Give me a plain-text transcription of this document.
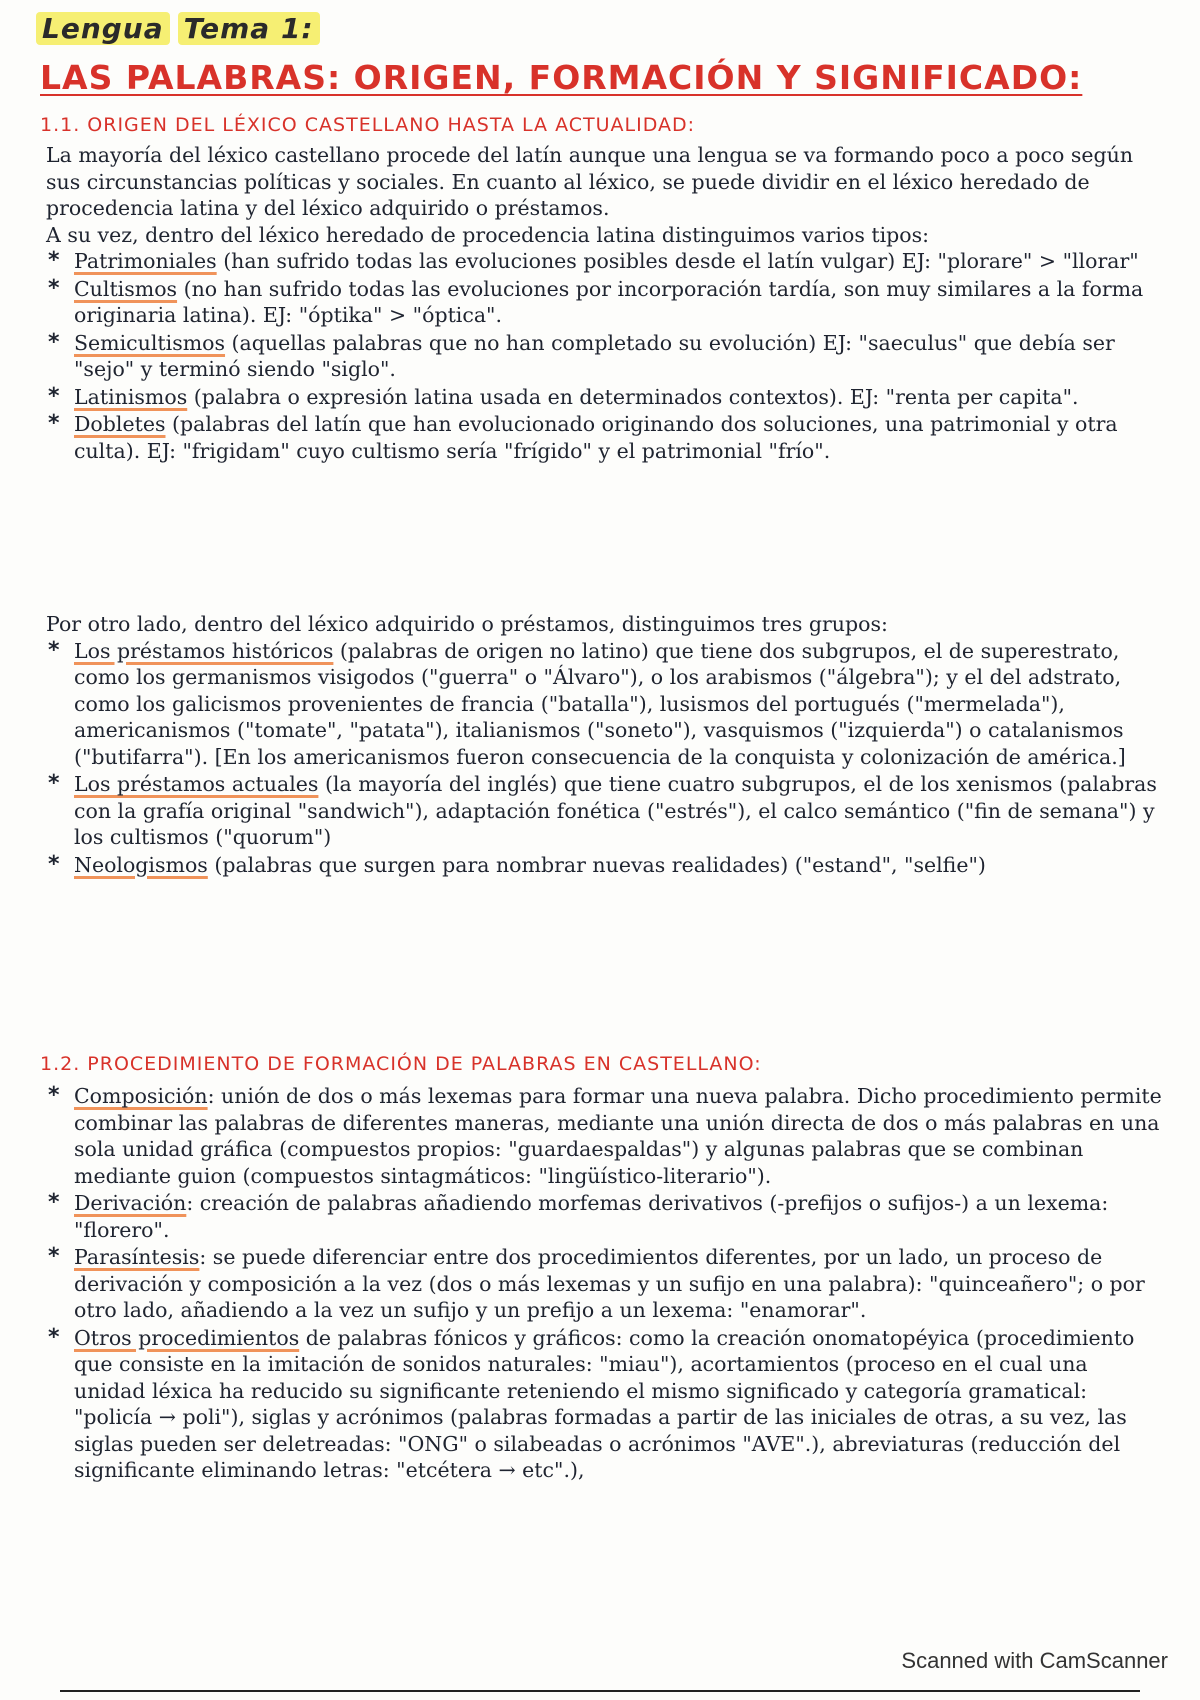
Lengua Tema 1:
LAS PALABRAS: ORIGEN, FORMACIÓN Y SIGNIFICADO:
1.1. ORIGEN DEL LÉXICO CASTELLANO HASTA LA ACTUALIDAD:

La mayoría del léxico castellano procede del latín aunque una lengua se va formando poco a poco según sus circunstancias políticas y sociales. En cuanto al léxico, se puede dividir en el léxico heredado de procedencia latina y del léxico adquirido o préstamos.

A su vez, dentro del léxico heredado de procedencia latina distinguimos varios tipos:

* Patrimoniales (han sufrido todas las evoluciones posibles desde el latín vulgar) EJ: "plorare" > "llorar"
* Cultismos (no han sufrido todas las evoluciones por incorporación tardía, son muy similares a la forma originaria latina). EJ: "óptika" > "óptica".
* Semicultismos (aquellas palabras que no han completado su evolución) EJ: "saeculus" que debía ser "sejo" y terminó siendo "siglo".
* Latinismos (palabra o expresión latina usada en determinados contextos). EJ: "renta per capita".
* Dobletes (palabras del latín que han evolucionado originando dos soluciones, una patrimonial y otra culta). EJ: "frigidam" cuyo cultismo sería "frígido" y el patrimonial "frío".

Por otro lado, dentro del léxico adquirido o préstamos, distinguimos tres grupos:

* Los préstamos históricos (palabras de origen no latino) que tiene dos subgrupos, el de superestrato, como los germanismos visigodos ("guerra" o "Álvaro"), o los arabismos ("álgebra"); y el del adstrato, como los galicismos provenientes de francia ("batalla"), lusismos del portugués ("mermelada"), americanismos ("tomate", "patata"), italianismos ("soneto"), vasquismos ("izquierda") o catalanismos ("butifarra"). [En los americanismos fueron consecuencia de la conquista y colonización de américa.]
* Los préstamos actuales (la mayoría del inglés) que tiene cuatro subgrupos, el de los xenismos (palabras con la grafía original "sandwich"), adaptación fonética ("estrés"), el calco semántico ("fin de semana") y los cultismos ("quorum")
* Neologismos (palabras que surgen para nombrar nuevas realidades) ("estand", "selfie")
1.2. PROCEDIMIENTO DE FORMACIÓN DE PALABRAS EN CASTELLANO:
* Composición: unión de dos o más lexemas para formar una nueva palabra. Dicho procedimiento permite combinar las palabras de diferentes maneras, mediante una unión directa de dos o más palabras en una sola unidad gráfica (compuestos propios: "guardaespaldas") y algunas palabras que se combinan mediante guion (compuestos sintagmáticos: "lingüístico-literario").
* Derivación: creación de palabras añadiendo morfemas derivativos (-prefijos o sufijos-) a un lexema: "florero".
* Parasíntesis: se puede diferenciar entre dos procedimientos diferentes, por un lado, un proceso de derivación y composición a la vez (dos o más lexemas y un sufijo en una palabra): "quinceañero"; o por otro lado, añadiendo a la vez un sufijo y un prefijo a un lexema: "enamorar".
* Otros procedimientos de palabras fónicos y gráficos: como la creación onomatopéyica (procedimiento que consiste en la imitación de sonidos naturales: "miau"), acortamientos (proceso en el cual una unidad léxica ha reducido su significante reteniendo el mismo significado y categoría gramatical: "policía → poli"), siglas y acrónimos (palabras formadas a partir de las iniciales de otras, a su vez, las siglas pueden ser deletreadas: "ONG" o silabeadas o acrónimos "AVE".), abreviaturas (reducción del significante eliminando letras: "etcétera → etc".),
Scanned with CamScanner
